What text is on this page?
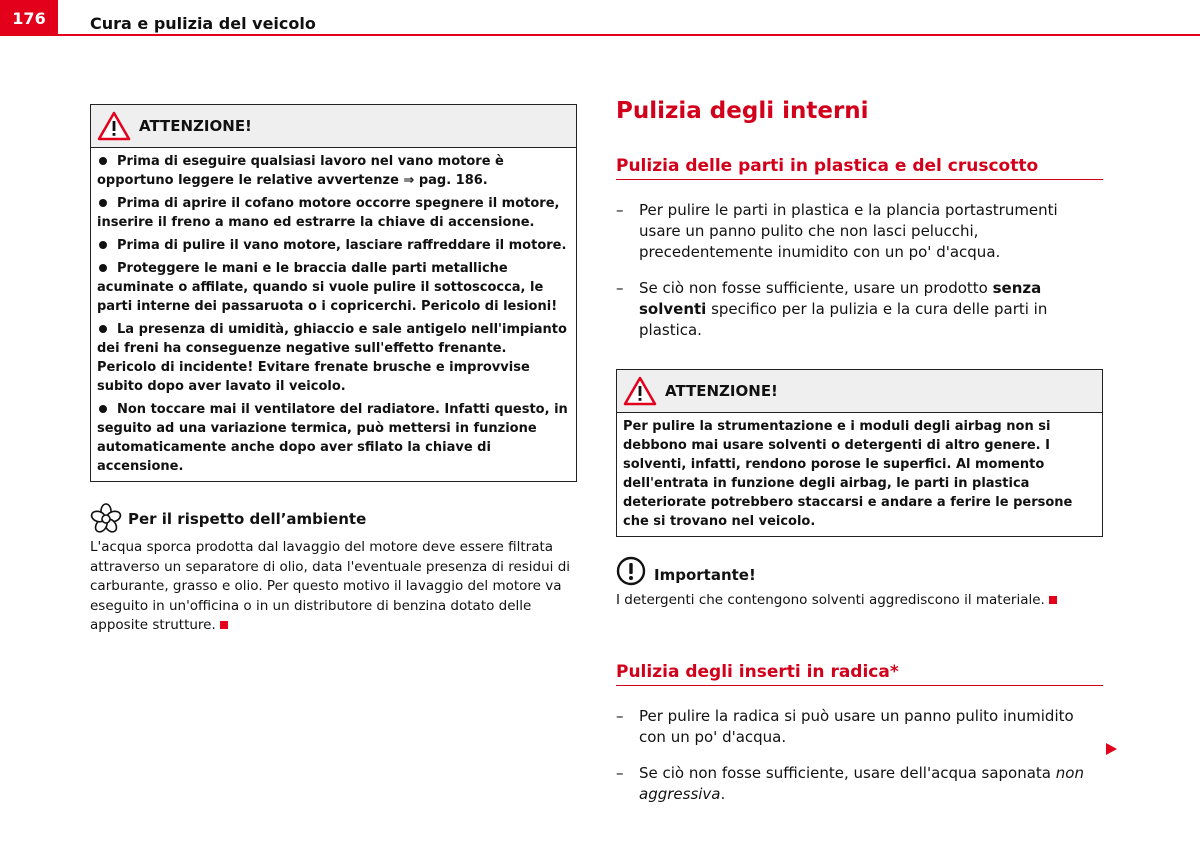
176	Cura e pulizia del veicolo
ATTENZIONE!
Prima di eseguire qualsiasi lavoro nel vano motore è opportuno leggere le relative avvertenze ⇒ pag. 186.
Prima di aprire il cofano motore occorre spegnere il motore, inserire il freno a mano ed estrarre la chiave di accensione.
Prima di pulire il vano motore, lasciare raffreddare il motore.
Proteggere le mani e le braccia dalle parti metalliche acuminate o affilate, quando si vuole pulire il sottoscocca, le parti interne dei passaruota o i copricerchi. Pericolo di lesioni!
La presenza di umidità, ghiaccio e sale antigelo nell'impianto dei freni ha conseguenze negative sull'effetto frenante. Pericolo di incidente! Evitare frenate brusche e improvvise subito dopo aver lavato il veicolo.
Non toccare mai il ventilatore del radiatore. Infatti questo, in seguito ad una variazione termica, può mettersi in funzione automaticamente anche dopo aver sfilato la chiave di accensione.
Per il rispetto dell’ambiente
L'acqua sporca prodotta dal lavaggio del motore deve essere filtrata attraverso un separatore di olio, data l'eventuale presenza di residui di carburante, grasso e olio. Per questo motivo il lavaggio del motore va eseguito in un'officina o in un distributore di benzina dotato delle apposite strutture.
Pulizia degli interni
Pulizia delle parti in plastica e del cruscotto
– Per pulire le parti in plastica e la plancia portastrumenti usare un panno pulito che non lasci pelucchi, precedentemente inumidito con un po' d'acqua.
– Se ciò non fosse sufficiente, usare un prodotto senza solventi specifico per la pulizia e la cura delle parti in plastica.
ATTENZIONE!
Per pulire la strumentazione e i moduli degli airbag non si debbono mai usare solventi o detergenti di altro genere. I solventi, infatti, rendono porose le superfici. Al momento dell'entrata in funzione degli airbag, le parti in plastica deteriorate potrebbero staccarsi e andare a ferire le persone che si trovano nel veicolo.
Importante!
I detergenti che contengono solventi aggrediscono il materiale.
Pulizia degli inserti in radica*
– Per pulire la radica si può usare un panno pulito inumidito con un po' d'acqua.
– Se ciò non fosse sufficiente, usare dell'acqua saponata non aggressiva.
